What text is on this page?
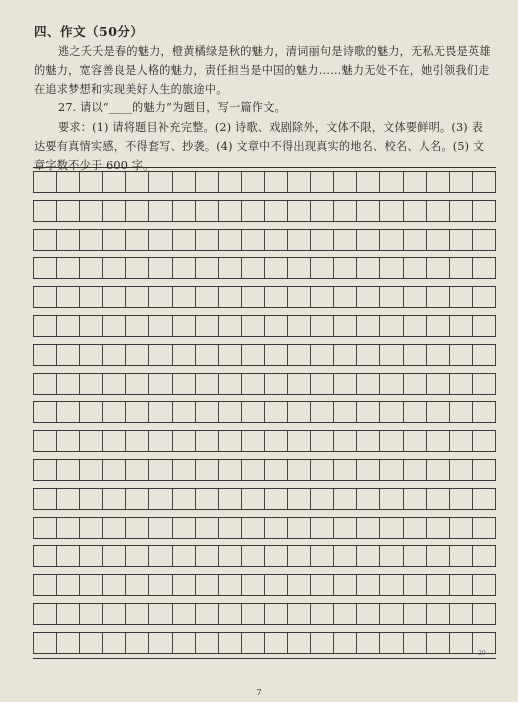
四、作文（50分）
逃之夭夭是春的魅力，橙黄橘绿是秋的魅力，清词丽句是诗歌的魅力，无私无畏是英雄的魅力，宽容善良是人格的魅力，责任担当是中国的魅力……魅力无处不在，她引领我们走在追求梦想和实现美好人生的旅途中。
27. 请以“____的魅力”为题目，写一篇作文。
要求：(1) 请将题目补充完整。(2) 诗歌、戏剧除外，文体不限，文体要鲜明。(3) 表达要有真情实感，不得套写、抄袭。(4) 文章中不得出现真实的地名、校名、人名。(5) 文章字数不少于 600 字。
20
7
